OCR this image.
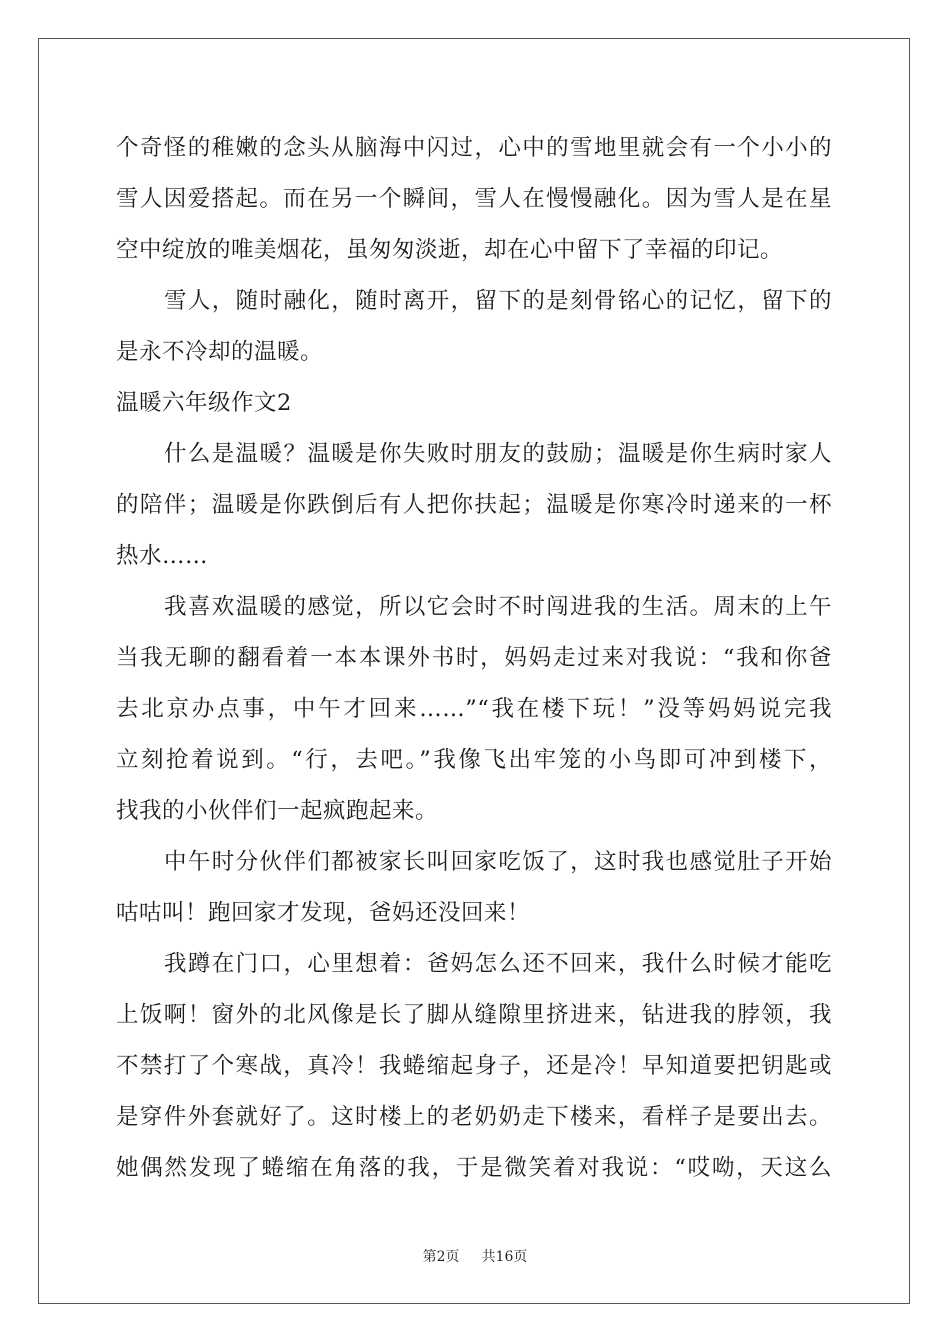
个奇怪的稚嫩的念头从脑海中闪过，心中的雪地里就会有一个小小的
雪人因爱搭起。而在另一个瞬间，雪人在慢慢融化。因为雪人是在星
空中绽放的唯美烟花，虽匆匆淡逝，却在心中留下了幸福的印记。
雪人，随时融化，随时离开，留下的是刻骨铭心的记忆，留下的
是永不冷却的温暖。
温暖六年级作文2
什么是温暖？温暖是你失败时朋友的鼓励；温暖是你生病时家人
的陪伴；温暖是你跌倒后有人把你扶起；温暖是你寒冷时递来的一杯
热水……
我喜欢温暖的感觉，所以它会时不时闯进我的生活。周末的上午
当我无聊的翻看着一本本课外书时，妈妈走过来对我说：“我和你爸
去北京办点事，中午才回来……”“我在楼下玩！”没等妈妈说完我
立刻抢着说到。“行，去吧。”我像飞出牢笼的小鸟即可冲到楼下，
找我的小伙伴们一起疯跑起来。
中午时分伙伴们都被家长叫回家吃饭了，这时我也感觉肚子开始
咕咕叫！跑回家才发现，爸妈还没回来！
我蹲在门口，心里想着：爸妈怎么还不回来，我什么时候才能吃
上饭啊！窗外的北风像是长了脚从缝隙里挤进来，钻进我的脖领，我
不禁打了个寒战，真冷！我蜷缩起身子，还是冷！早知道要把钥匙或
是穿件外套就好了。这时楼上的老奶奶走下楼来，看样子是要出去。
她偶然发现了蜷缩在角落的我，于是微笑着对我说：“哎呦，天这么
第2页 共16页
